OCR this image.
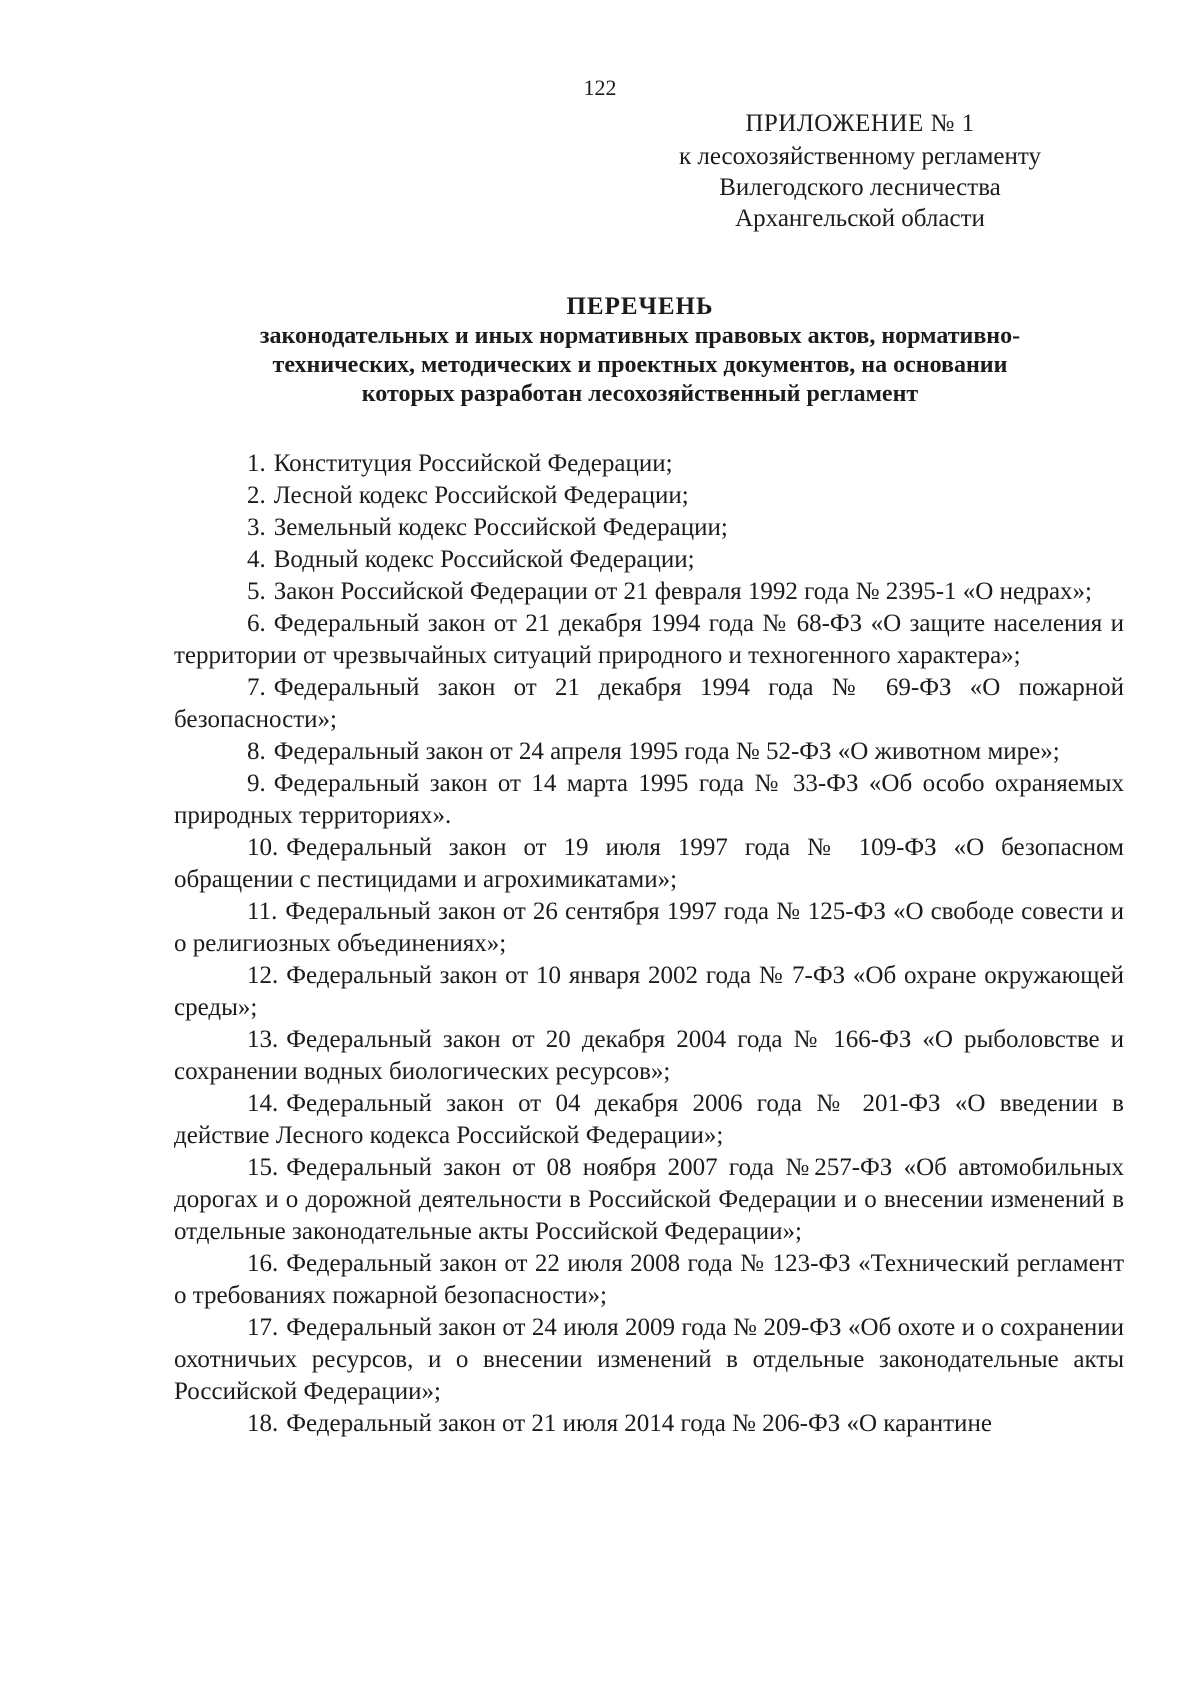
122
ПРИЛОЖЕНИЕ № 1
к лесохозяйственному регламенту
Вилегодского лесничества
Архангельской области
ПЕРЕЧЕНЬ
законодательных и иных нормативных правовых актов, нормативно-
технических, методических и проектных документов, на основании
которых разработан лесохозяйственный регламент
1. Конституция Российской Федерации;
2. Лесной кодекс Российской Федерации;
3. Земельный кодекс Российской Федерации;
4. Водный кодекс Российской Федерации;
5. Закон Российской Федерации от 21 февраля 1992 года № 2395-1 «О недрах»;
6. Федеральный закон от 21 декабря 1994 года № 68-ФЗ «О защите населения и территории от чрезвычайных ситуаций природного и техногенного характера»;
7. Федеральный закон от 21 декабря 1994 года № 69-ФЗ «О пожарной безопасности»;
8. Федеральный закон от 24 апреля 1995 года № 52-ФЗ «О животном мире»;
9. Федеральный закон от 14 марта 1995 года № 33-ФЗ «Об особо охраняемых природных территориях».
10. Федеральный закон от 19 июля 1997 года № 109-ФЗ «О безопасном обращении с пестицидами и агрохимикатами»;
11. Федеральный закон от 26 сентября 1997 года № 125-ФЗ «О свободе совести и о религиозных объединениях»;
12. Федеральный закон от 10 января 2002 года № 7-ФЗ «Об охране окружающей среды»;
13. Федеральный закон от 20 декабря 2004 года № 166-ФЗ «О рыболовстве и сохранении водных биологических ресурсов»;
14. Федеральный закон от 04 декабря 2006 года № 201-ФЗ «О введении в действие Лесного кодекса Российской Федерации»;
15. Федеральный закон от 08 ноября 2007 года №257-ФЗ «Об автомобильных дорогах и о дорожной деятельности в Российской Федерации и о внесении изменений в отдельные законодательные акты Российской Федерации»;
16. Федеральный закон от 22 июля 2008 года № 123-ФЗ «Технический регламент о требованиях пожарной безопасности»;
17. Федеральный закон от 24 июля 2009 года № 209-ФЗ «Об охоте и о сохранении охотничьих ресурсов, и о внесении изменений в отдельные законодательные акты Российской Федерации»;
18. Федеральный закон от 21 июля 2014 года № 206-ФЗ «О карантине
